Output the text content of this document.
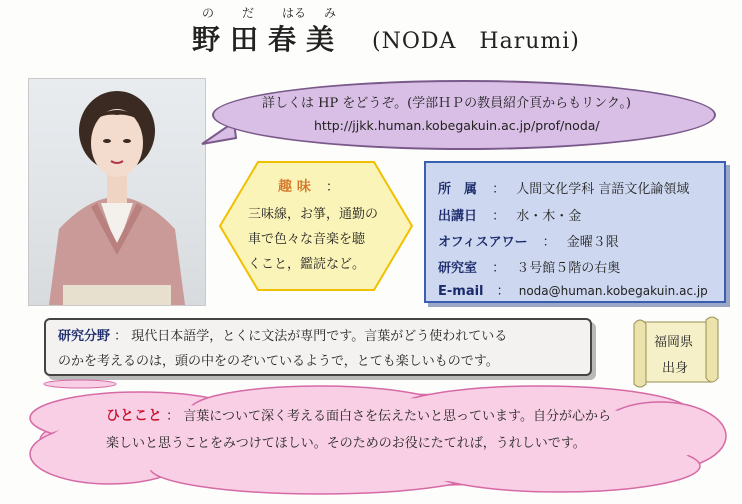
の だ はる み
野田春美 (NODA　Harumi)
詳しくは HP をどうぞ。(学部ＨＰの教員紹介頁からもリンク。)
http://jjkk.human.kobegakuin.ac.jp/prof/noda/
趣 味 ：
三味線，お箏，通勤の
車で色々な音楽を聴
くこと，鑑読など。
所　属 ： 人間文化学科 言語文化論領域
出講日 ： 水・木・金
オフィスアワー ： 金曜３限
研究室 ： ３号館５階の右奥
E-mail ： noda@human.kobegakuin.ac.jp
研究分野 ： 現代日本語学，とくに文法が専門です。言葉がどう使われている
のかを考えるのは，頭の中をのぞいているようで，とても楽しいものです。
福岡県
出身
ひとこと ： 言葉について深く考える面白さを伝えたいと思っています。自分が心から
楽しいと思うことをみつけてほしい。そのためのお役にたてれば，うれしいです。
